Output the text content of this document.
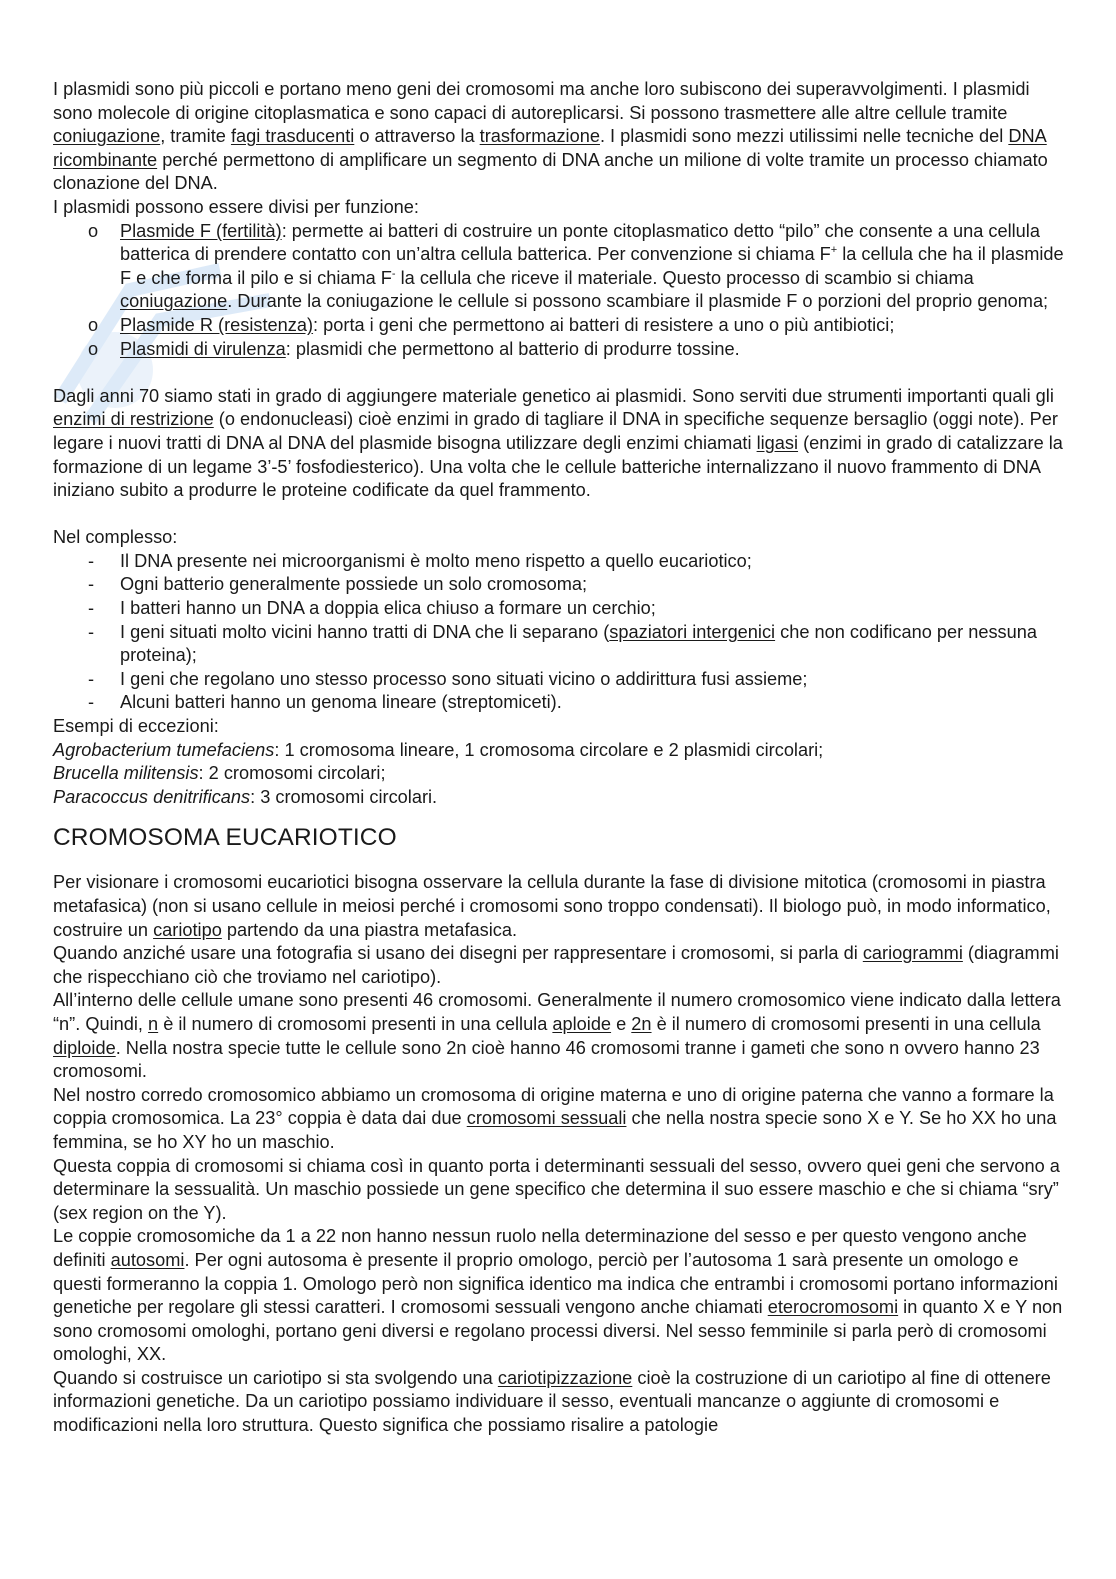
I plasmidi sono più piccoli e portano meno geni dei cromosomi ma anche loro subiscono dei superavvolgimenti. I plasmidi sono molecole di origine citoplasmatica e sono capaci di autoreplicarsi. Si possono trasmettere alle altre cellule tramite coniugazione, tramite fagi trasducenti o attraverso la trasformazione. I plasmidi sono mezzi utilissimi nelle tecniche del DNA ricombinante perché permettono di amplificare un segmento di DNA anche un milione di volte tramite un processo chiamato clonazione del DNA.

I plasmidi possono essere divisi per funzione:

o Plasmide F (fertilità): permette ai batteri di costruire un ponte citoplasmatico detto “pilo” che consente a una cellula batterica di prendere contatto con un’altra cellula batterica. Per convenzione si chiama F+ la cellula che ha il plasmide F e che forma il pilo e si chiama F- la cellula che riceve il materiale. Questo processo di scambio si chiama coniugazione. Durante la coniugazione le cellule si possono scambiare il plasmide F o porzioni del proprio genoma;
o Plasmide R (resistenza): porta i geni che permettono ai batteri di resistere a uno o più antibiotici;
o Plasmidi di virulenza: plasmidi che permettono al batterio di produrre tossine.

Dagli anni 70 siamo stati in grado di aggiungere materiale genetico ai plasmidi. Sono serviti due strumenti importanti quali gli enzimi di restrizione (o endonucleasi) cioè enzimi in grado di tagliare il DNA in specifiche sequenze bersaglio (oggi note). Per legare i nuovi tratti di DNA al DNA del plasmide bisogna utilizzare degli enzimi chiamati ligasi (enzimi in grado di catalizzare la formazione di un legame 3’-5’ fosfodiesterico). Una volta che le cellule batteriche internalizzano il nuovo frammento di DNA iniziano subito a produrre le proteine codificate da quel frammento.

Nel complesso:

- Il DNA presente nei microorganismi è molto meno rispetto a quello eucariotico;
- Ogni batterio generalmente possiede un solo cromosoma;
- I batteri hanno un DNA a doppia elica chiuso a formare un cerchio;
- I geni situati molto vicini hanno tratti di DNA che li separano (spaziatori intergenici che non codificano per nessuna proteina);
- I geni che regolano uno stesso processo sono situati vicino o addirittura fusi assieme;
- Alcuni batteri hanno un genoma lineare (streptomiceti).

Esempi di eccezioni:

Agrobacterium tumefaciens: 1 cromosoma lineare, 1 cromosoma circolare e 2 plasmidi circolari;

Brucella militensis: 2 cromosomi circolari;

Paracoccus denitrificans: 3 cromosomi circolari.

CROMOSOMA EUCARIOTICO

Per visionare i cromosomi eucariotici bisogna osservare la cellula durante la fase di divisione mitotica (cromosomi in piastra metafasica) (non si usano cellule in meiosi perché i cromosomi sono troppo condensati). Il biologo può, in modo informatico, costruire un cariotipo partendo da una piastra metafasica.

Quando anziché usare una fotografia si usano dei disegni per rappresentare i cromosomi, si parla di cariogrammi (diagrammi che rispecchiano ciò che troviamo nel cariotipo).

All’interno delle cellule umane sono presenti 46 cromosomi. Generalmente il numero cromosomico viene indicato dalla lettera “n”. Quindi, n è il numero di cromosomi presenti in una cellula aploide e 2n è il numero di cromosomi presenti in una cellula diploide. Nella nostra specie tutte le cellule sono 2n cioè hanno 46 cromosomi tranne i gameti che sono n ovvero hanno 23 cromosomi.

Nel nostro corredo cromosomico abbiamo un cromosoma di origine materna e uno di origine paterna che vanno a formare la coppia cromosomica. La 23° coppia è data dai due cromosomi sessuali che nella nostra specie sono X e Y. Se ho XX ho una femmina, se ho XY ho un maschio.

Questa coppia di cromosomi si chiama così in quanto porta i determinanti sessuali del sesso, ovvero quei geni che servono a determinare la sessualità. Un maschio possiede un gene specifico che determina il suo essere maschio e che si chiama “sry” (sex region on the Y).

Le coppie cromosomiche da 1 a 22 non hanno nessun ruolo nella determinazione del sesso e per questo vengono anche definiti autosomi. Per ogni autosoma è presente il proprio omologo, perciò per l’autosoma 1 sarà presente un omologo e questi formeranno la coppia 1. Omologo però non significa identico ma indica che entrambi i cromosomi portano informazioni genetiche per regolare gli stessi caratteri. I cromosomi sessuali vengono anche chiamati eterocromosomi in quanto X e Y non sono cromosomi omologhi, portano geni diversi e regolano processi diversi. Nel sesso femminile si parla però di cromosomi omologhi, XX.

Quando si costruisce un cariotipo si sta svolgendo una cariotipizzazione cioè la costruzione di un cariotipo al fine di ottenere informazioni genetiche. Da un cariotipo possiamo individuare il sesso, eventuali mancanze o aggiunte di cromosomi e modificazioni nella loro struttura. Questo significa che possiamo risalire a patologie
